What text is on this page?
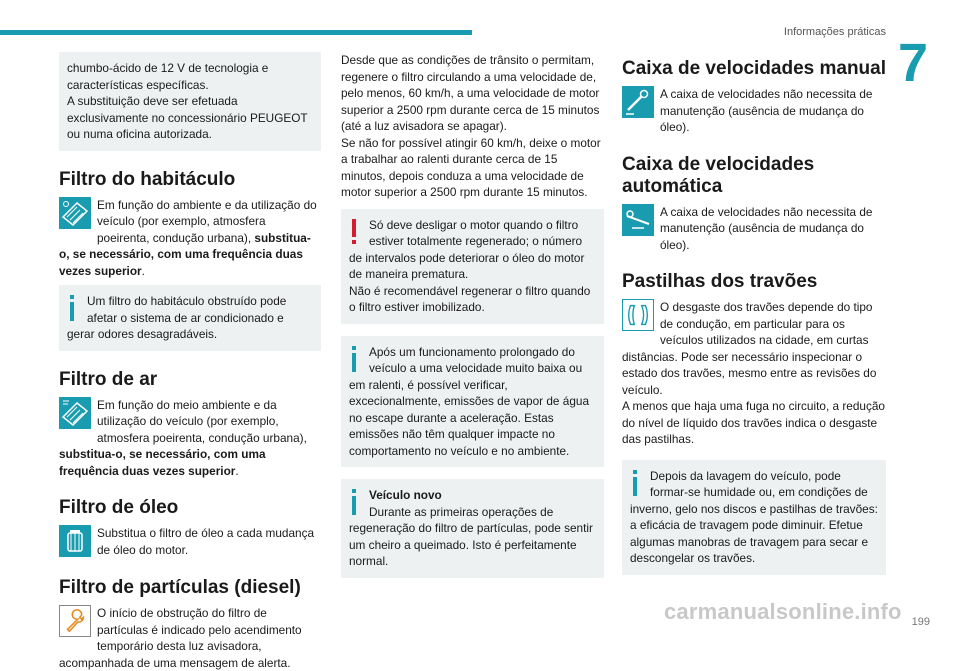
Informações práticas
7

chumbo-ácido de 12 V de tecnologia e características específicas.

A substituição deve ser efetuada exclusivamente no concessionário PEUGEOT ou numa oficina autorizada.

Filtro do habitáculo

Em função do ambiente e da utilização do veículo (por exemplo, atmosfera poeirenta, condução urbana), substitua-o, se necessário, com uma frequência duas vezes superior.

Um filtro do habitáculo obstruído pode afetar o sistema de ar condicionado e gerar odores desagradáveis.

Filtro de ar

Em função do meio ambiente e da utilização do veículo (por exemplo, atmosfera poeirenta, condução urbana), substitua-o, se necessário, com uma frequência duas vezes superior.

Filtro de óleo

Substitua o filtro de óleo a cada mudança de óleo do motor.

Filtro de partículas (diesel)

O início de obstrução do filtro de partículas é indicado pelo acendimento temporário desta luz avisadora, acompanhada de uma mensagem de alerta.

Desde que as condições de trânsito o permitam, regenere o filtro circulando a uma velocidade de, pelo menos, 60 km/h, a uma velocidade de motor superior a 2500 rpm durante cerca de 15 minutos (até a luz avisadora se apagar).

Se não for possível atingir 60 km/h, deixe o motor a trabalhar ao ralenti durante cerca de 15 minutos, depois conduza a uma velocidade de motor superior a 2500 rpm durante 15 minutos.

Só deve desligar o motor quando o filtro estiver totalmente regenerado; o número de intervalos pode deteriorar o óleo do motor de maneira prematura.

Não é recomendável regenerar o filtro quando o filtro estiver imobilizado.

Após um funcionamento prolongado do veículo a uma velocidade muito baixa ou em ralenti, é possível verificar, excecionalmente, emissões de vapor de água no escape durante a aceleração. Estas emissões não têm qualquer impacte no comportamento no veículo e no ambiente.

Veículo novo

Durante as primeiras operações de regeneração do filtro de partículas, pode sentir um cheiro a queimado. Isto é perfeitamente normal.

Caixa de velocidades manual

A caixa de velocidades não necessita de manutenção (ausência de mudança do óleo).

Caixa de velocidades automática

A caixa de velocidades não necessita de manutenção (ausência de mudança do óleo).

Pastilhas dos travões

O desgaste dos travões depende do tipo de condução, em particular para os veículos utilizados na cidade, em curtas distâncias. Pode ser necessário inspecionar o estado dos travões, mesmo entre as revisões do veículo.

A menos que haja uma fuga no circuito, a redução do nível de líquido dos travões indica o desgaste das pastilhas.

Depois da lavagem do veículo, pode formar-se humidade ou, em condições de inverno, gelo nos discos e pastilhas de travões: a eficácia de travagem pode diminuir. Efetue algumas manobras de travagem para secar e descongelar os travões.

carmanualsonline.info 199
